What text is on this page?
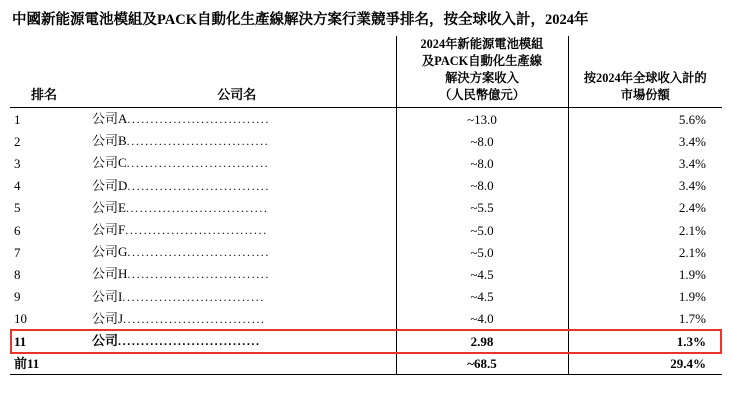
中國新能源電池模組及PACK自動化生產線解決方案行業競爭排名，按全球收入計，2024年
排名	公司名	2024年新能源電池模組
及PACK自動化生產線
解決方案收入
（人民幣億元）	按2024年全球收入計的
市場份額

1	公司A...............................	~13.0	5.6%
2	公司B...............................	~8.0	3.4%
3	公司C...............................	~8.0	3.4%
4	公司D...............................	~8.0	3.4%
5	公司E...............................	~5.5	2.4%
6	公司F...............................	~5.0	2.1%
7	公司G...............................	~5.0	2.1%
8	公司H...............................	~4.5	1.9%
9	公司I...............................	~4.5	1.9%
10	公司J...............................	~4.0	1.7%
11	公司...............................	2.98	1.3%
前11		~68.5	29.4%
